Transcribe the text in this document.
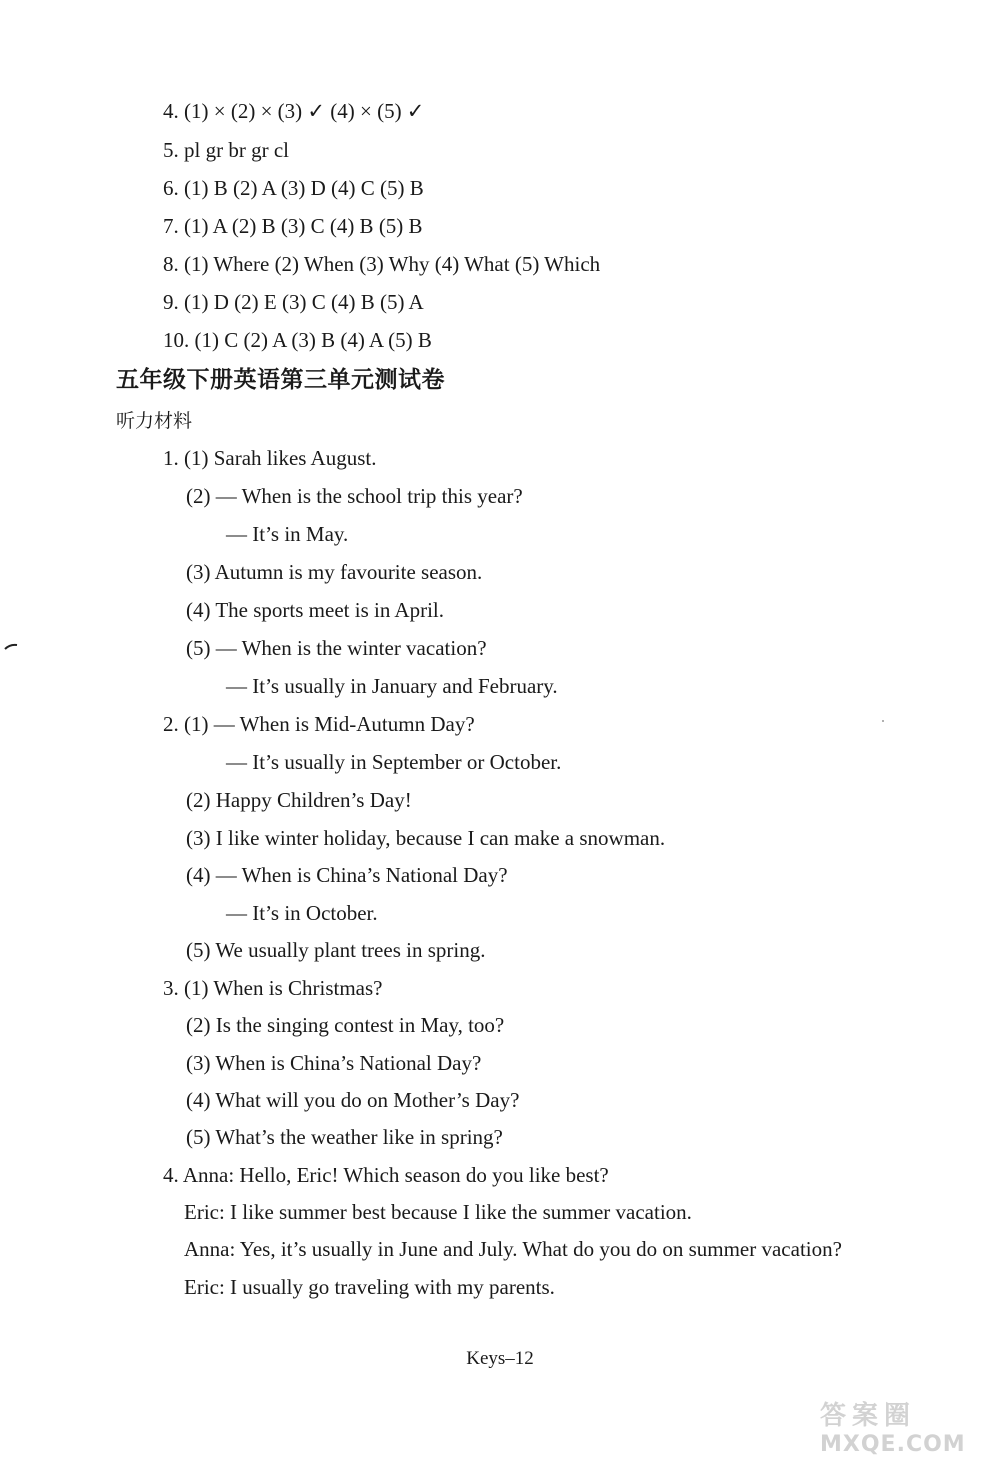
4. (1) × (2) × (3) ✓ (4) × (5) ✓
5. pl gr br gr cl
6. (1) B (2) A (3) D (4) C (5) B
7. (1) A (2) B (3) C (4) B (5) B
8. (1) Where (2) When (3) Why (4) What (5) Which
9. (1) D (2) E (3) C (4) B (5) A
10. (1) C (2) A (3) B (4) A (5) B
五年级下册英语第三单元测试卷
听力材料
1. (1) Sarah likes August.
(2) — When is the school trip this year?
— It’s in May.
(3) Autumn is my favourite season.
(4) The sports meet is in April.
(5) — When is the winter vacation?
— It’s usually in January and February.
2. (1) — When is Mid-Autumn Day?
— It’s usually in September or October.
(2) Happy Children’s Day!
(3) I like winter holiday, because I can make a snowman.
(4) — When is China’s National Day?
— It’s in October.
(5) We usually plant trees in spring.
3. (1) When is Christmas?
(2) Is the singing contest in May, too?
(3) When is China’s National Day?
(4) What will you do on Mother’s Day?
(5) What’s the weather like in spring?
4. Anna: Hello, Eric! Which season do you like best?
Eric: I like summer best because I like the summer vacation.
Anna: Yes, it’s usually in June and July. What do you do on summer vacation?
Eric: I usually go traveling with my parents.
Keys–12
答案圈
MXQE.COM
